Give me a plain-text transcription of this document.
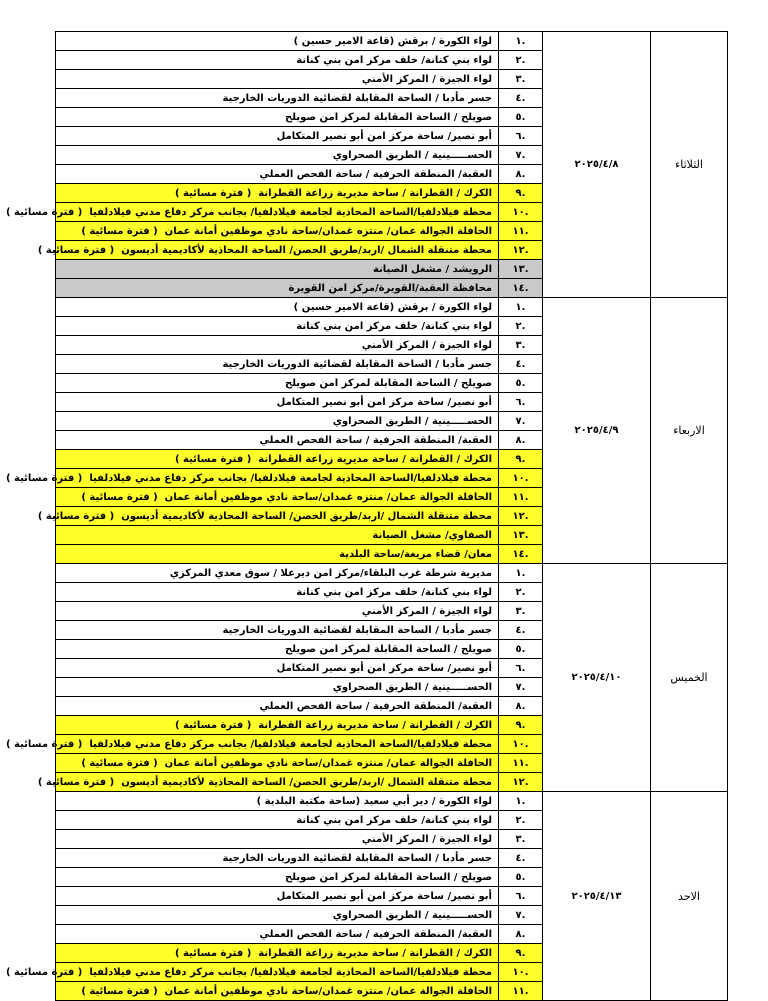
لواء الكورة / برقش (قاعة الامير حسين )	١.	٢٠٢٥/٤/٨	الثلاثاء
لواء بني كنانة/ خلف مركز امن بني كنانة	٢.		
لواء الجيزة / المركز الأمني	٣.		
جسر مأدبا / الساحة المقابلة لقضائية الدوريات الخارجية	٤.		
صويلح / الساحة المقابلة لمركز امن صويلح	٥.		
أبو نصير/ ساحة مركز امن أبو نصير المتكامل	٦.		
الحســـــينية / الطريق الصحراوي	٧.		
العقبة/ المنطقة الحرفية / ساحة الفحص العملي	٨.		
الكرك / القطرانة / ساحة مديرية زراعة القطرانة  ( فترة مسائية )	٩.		
محطة فيلادلفيا/الساحة المحاذية لجامعة فيلادلفيا/ بجانب مركز دفاع مدني فيلادلفيا  ( فترة مسائية )	١٠.		
الحافلة الجوالة عمان/ منتزه غمدان/ساحة نادي موظفين أمانة عمان  ( فترة مسائية )	١١.		
محطة متنقلة الشمال /اربد/طريق الحصن/ الساحة المحاذية لأكاديمية أديسون  ( فترة مسائية )	١٢.		
الرويشد / مشغل الصيانة	١٣.		
محافظة العقبة/القويرة/مركز امن القويرة	١٤.		
لواء الكورة / برقش (قاعة الامير حسين )	١.	٢٠٢٥/٤/٩	الاربعاء
لواء بني كنانة/ خلف مركز امن بني كنانة	٢.		
لواء الجيزة / المركز الأمني	٣.		
جسر مأدبا / الساحة المقابلة لقضائية الدوريات الخارجية	٤.		
صويلح / الساحة المقابلة لمركز امن صويلح	٥.		
أبو نصير/ ساحة مركز امن أبو نصير المتكامل	٦.		
الحســـــينية / الطريق الصحراوي	٧.		
العقبة/ المنطقة الحرفية / ساحة الفحص العملي	٨.		
الكرك / القطرانة / ساحة مديرية زراعة القطرانة  ( فترة مسائية )	٩.		
محطة فيلادلفيا/الساحة المحاذية لجامعة فيلادلفيا/ بجانب مركز دفاع مدني فيلادلفيا  ( فترة مسائية )	١٠.		
الحافلة الجوالة عمان/ منتزه غمدان/ساحة نادي موظفين أمانة عمان  ( فترة مسائية )	١١.		
محطة متنقلة الشمال /اربد/طريق الحصن/ الساحة المحاذية لأكاديمية أديسون  ( فترة مسائية )	١٢.		
الصفاوي/ مشغل الصيانة	١٣.		
معان/ قضاء مريغة/ساحة البلدية	١٤.		
مديرية شرطة غرب البلقاء/مركز امن ديرعلا / سوق معدي المركزي	١.	٢٠٢٥/٤/١٠	الخميس
لواء بني كنانة/ خلف مركز امن بني كنانة	٢.		
لواء الجيزة / المركز الأمني	٣.		
جسر مأدبا / الساحة المقابلة لقضائية الدوريات الخارجية	٤.		
صويلح / الساحة المقابلة لمركز امن صويلح	٥.		
أبو نصير/ ساحة مركز امن أبو نصير المتكامل	٦.		
الحســـــينية / الطريق الصحراوي	٧.		
العقبة/ المنطقة الحرفية / ساحة الفحص العملي	٨.		
الكرك / القطرانة / ساحة مديرية زراعة القطرانة  ( فترة مسائية )	٩.		
محطة فيلادلفيا/الساحة المحاذية لجامعة فيلادلفيا/ بجانب مركز دفاع مدني فيلادلفيا  ( فترة مسائية )	١٠.		
الحافلة الجوالة عمان/ منتزه غمدان/ساحة نادي موظفين أمانة عمان  ( فترة مسائية )	١١.		
محطة متنقلة الشمال /اربد/طريق الحصن/ الساحة المحاذية لأكاديمية أديسون  ( فترة مسائية )	١٢.		
لواء الكورة / دير أبي سعيد (ساحة مكتبة البلدية )	١.	٢٠٢٥/٤/١٣	الاحد
لواء بني كنانة/ خلف مركز امن بني كنانة	٢.		
لواء الجيزة / المركز الأمني	٣.		
جسر مأدبا / الساحة المقابلة لقضائية الدوريات الخارجية	٤.		
صويلح / الساحة المقابلة لمركز امن صويلح	٥.		
أبو نصير/ ساحة مركز امن أبو نصير المتكامل	٦.		
الحســـــينية / الطريق الصحراوي	٧.		
العقبة/ المنطقة الحرفية / ساحة الفحص العملي	٨.		
الكرك / القطرانة / ساحة مديرية زراعة القطرانة  ( فترة مسائية )	٩.		
محطة فيلادلفيا/الساحة المحاذية لجامعة فيلادلفيا/ بجانب مركز دفاع مدني فيلادلفيا  ( فترة مسائية )	١٠.		
الحافلة الجوالة عمان/ منتزه غمدان/ساحة نادي موظفين أمانة عمان  ( فترة مسائية )	١١.		
